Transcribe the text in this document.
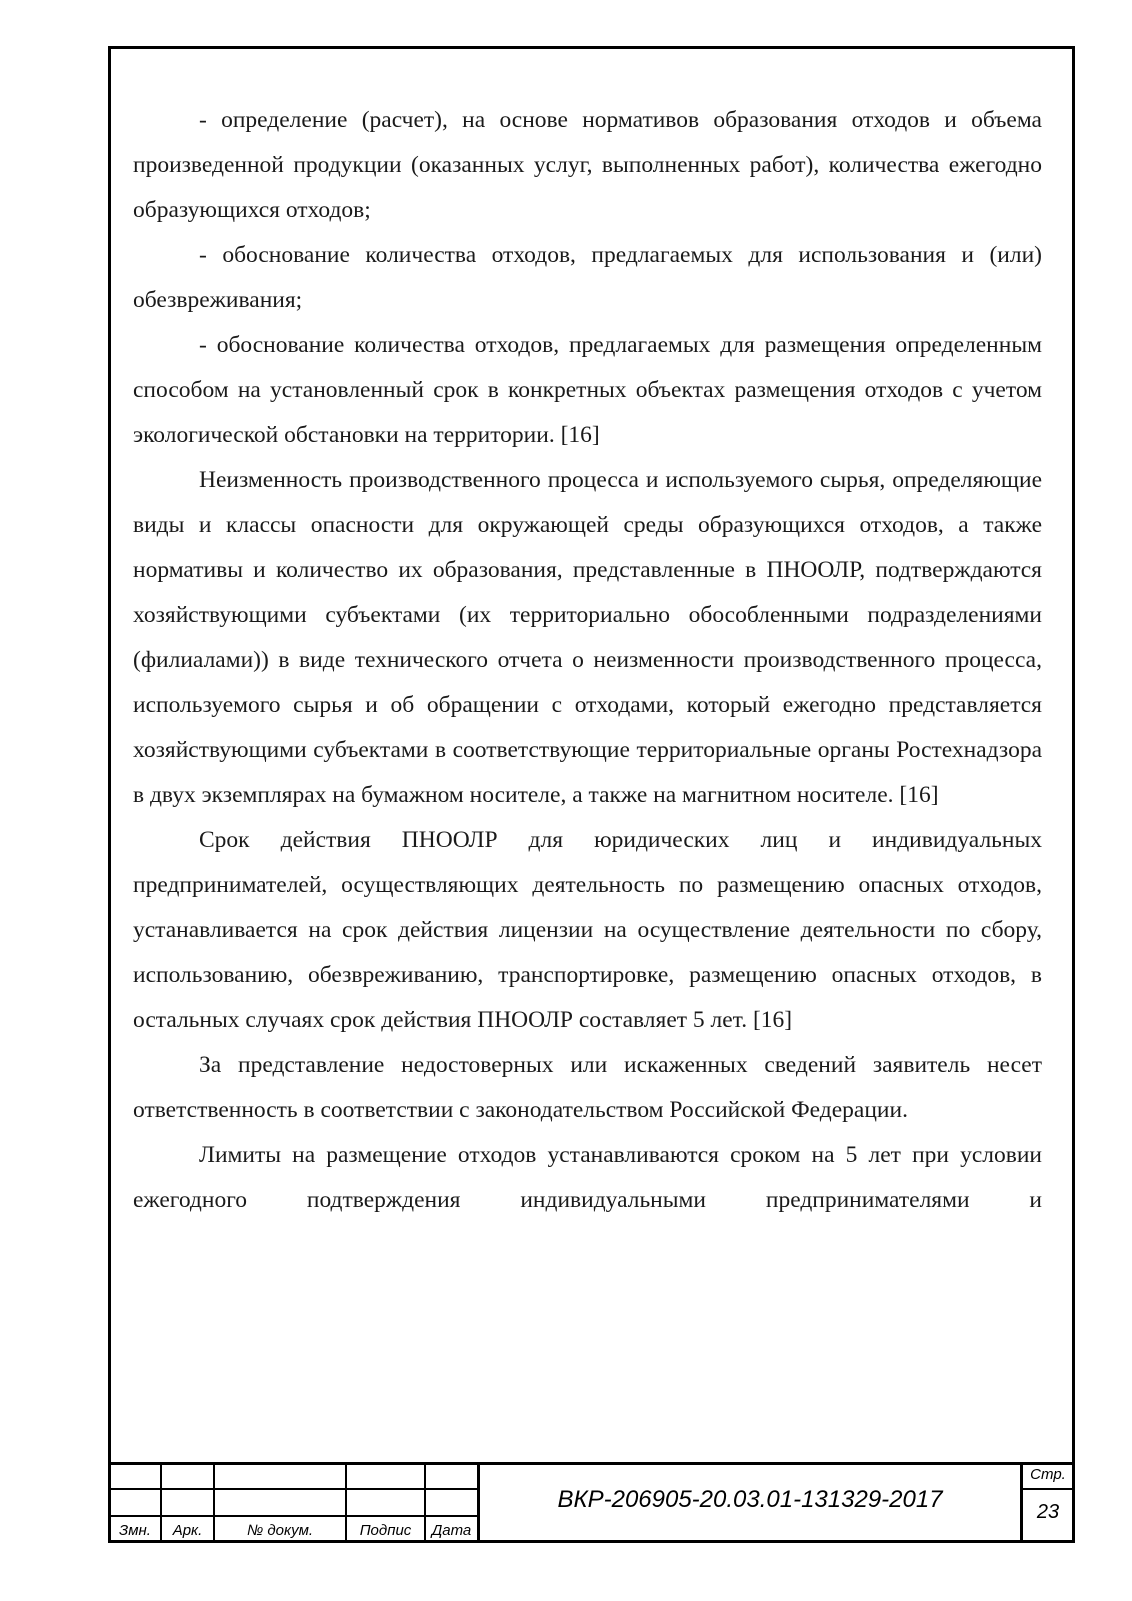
- определение (расчет), на основе нормативов образования отходов и объема произведенной продукции (оказанных услуг, выполненных работ), количества ежегодно образующихся отходов;

- обоснование количества отходов, предлагаемых для использования и (или) обезвреживания;

- обоснование количества отходов, предлагаемых для размещения определенным способом на установленный срок в конкретных объектах размещения отходов с учетом экологической обстановки на территории. [16]

Неизменность производственного процесса и используемого сырья, определяющие виды и классы опасности для окружающей среды образующихся отходов, а также нормативы и количество их образования, представленные в ПНООЛР, подтверждаются хозяйствующими субъектами (их территориально обособленными подразделениями (филиалами)) в виде технического отчета о неизменности производственного процесса, используемого сырья и об обращении с отходами, который ежегодно представляется хозяйствующими субъектами в соответствующие территориальные органы Ростехнадзора в двух экземплярах на бумажном носителе, а также на магнитном носителе. [16]

Срок действия ПНООЛР для юридических лиц и индивидуальных предпринимателей, осуществляющих деятельность по размещению опасных отходов, устанавливается на срок действия лицензии на осуществление деятельности по сбору, использованию, обезвреживанию, транспортировке, размещению опасных отходов, в остальных случаях срок действия ПНООЛР составляет 5 лет. [16]

За представление недостоверных или искаженных сведений заявитель несет ответственность в соответствии с законодательством Российской Федерации.

Лимиты на размещение отходов устанавливаются сроком на 5 лет при условии ежегодного подтверждения индивидуальными предпринимателями и

Змн.	Арк.	№ докум.	Подпис	Дата
ВКР-206905-20.03.01-131329-2017
Стр.
23
